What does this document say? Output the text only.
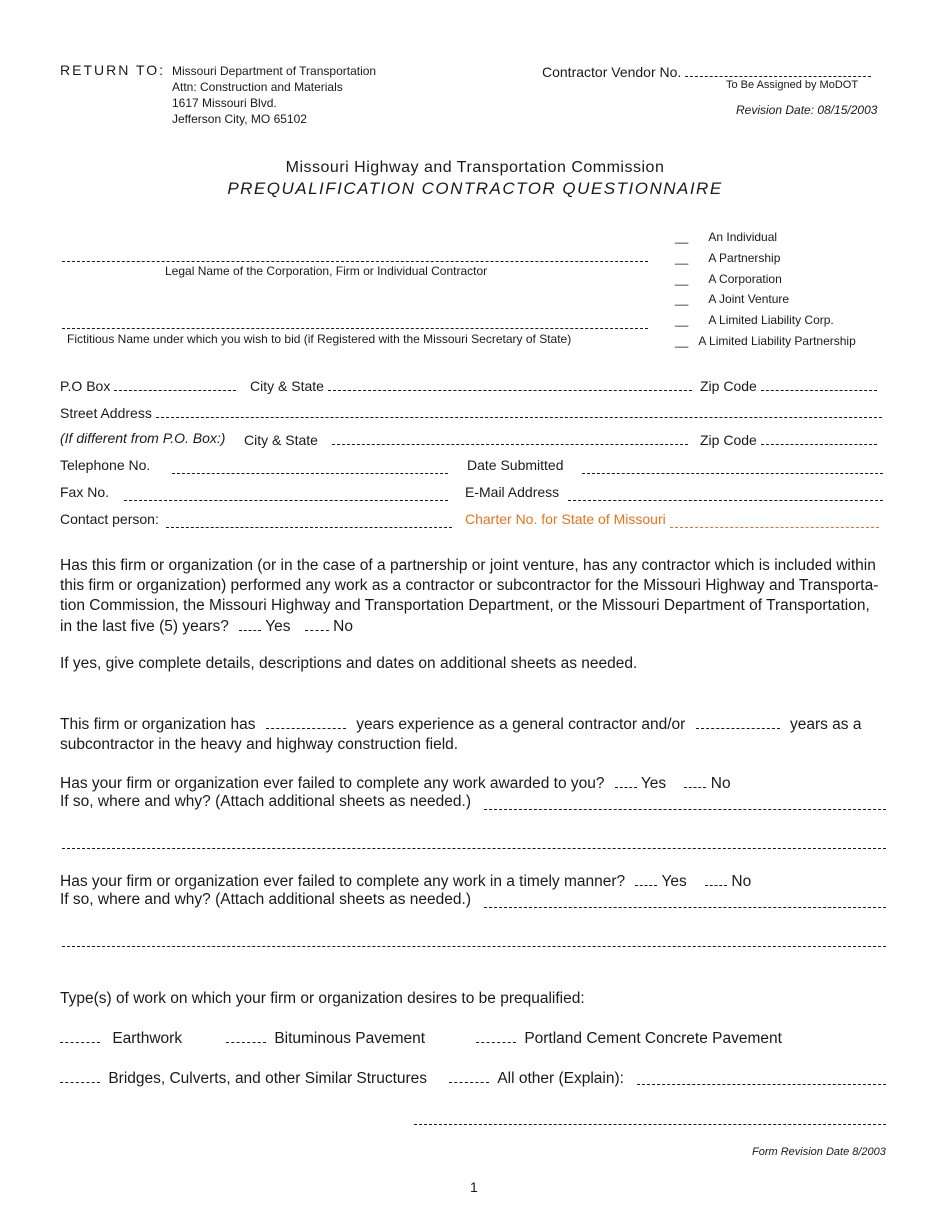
RETURN TO: Missouri Department of Transportation
Attn: Construction and Materials
1617 Missouri Blvd.
Jefferson City, MO 65102
Contractor Vendor No.
To Be Assigned by MoDOT
Revision Date: 08/15/2003
Missouri Highway and Transportation Commission
PREQUALIFICATION CONTRACTOR QUESTIONNAIRE
Legal Name of the Corporation, Firm or Individual Contractor
Fictitious Name under which you wish to bid (if Registered with the Missouri Secretary of State)
__ An Individual
__ A Partnership
__ A Corporation
__ A Joint Venture
__ A Limited Liability Corp.
__ A Limited Liability Partnership
P.O Box	City & State	Zip Code
Street Address
(If different from P.O. Box:) City & State	Zip Code
Telephone No.	Date Submitted
Fax No.	E-Mail Address
Contact person:	Charter No. for State of Missouri
Has this firm or organization (or in the case of a partnership or joint venture, has any contractor which is included within
this firm or organization) performed any work as a contractor or subcontractor for the Missouri Highway and Transporta-
tion Commission, the Missouri Highway and Transportation Department, or the Missouri Department of Transportation,
in the last five (5) years? Yes	No
If yes, give complete details, descriptions and dates on additional sheets as needed.
This firm or organization has	years experience as a general contractor and/or	years as a
subcontractor in the heavy and highway construction field.
Has your firm or organization ever failed to complete any work awarded to you? Yes	No
If so, where and why? (Attach additional sheets as needed.)
Has your firm or organization ever failed to complete any work in a timely manner? Yes	No
If so, where and why? (Attach additional sheets as needed.)
Type(s) of work on which your firm or organization desires to be prequalified:
Earthwork	Bituminous Pavement	Portland Cement Concrete Pavement
Bridges, Culverts, and other Similar Structures	All other (Explain):
Form Revision Date 8/2003
1
